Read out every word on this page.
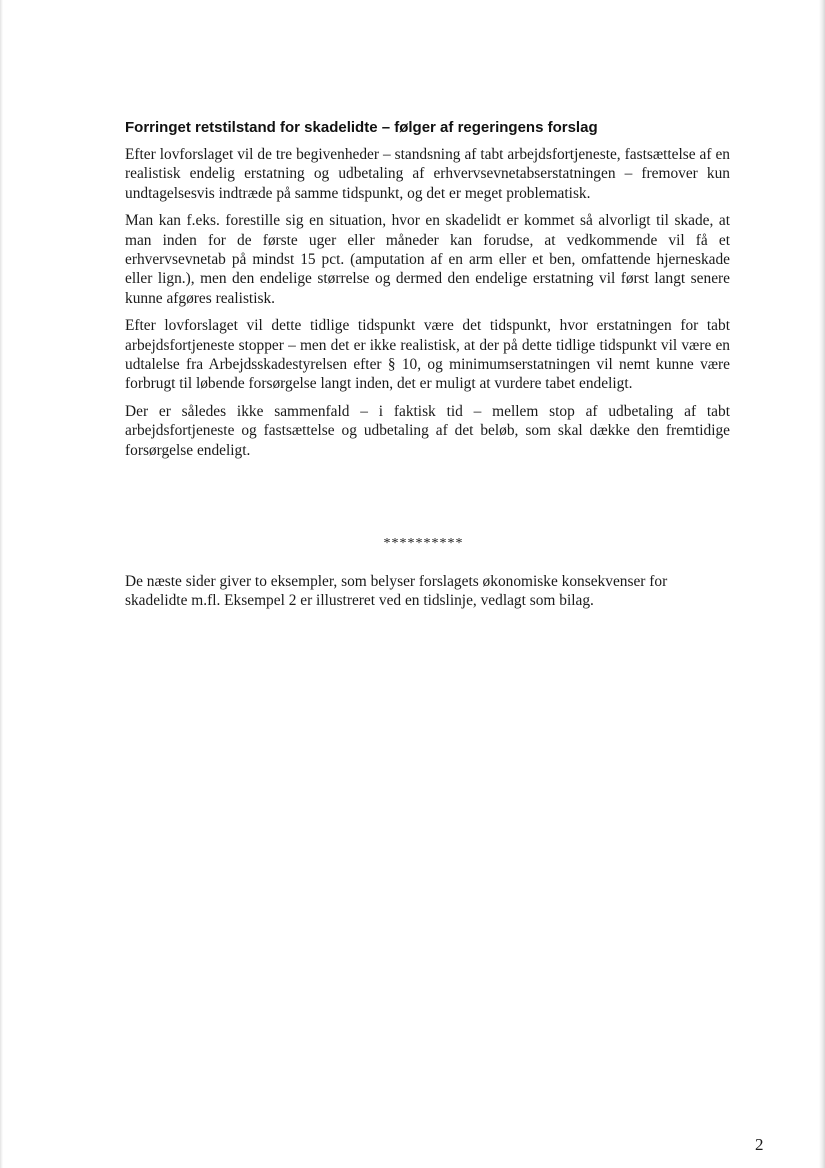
Forringet retstilstand for skadelidte – følger af regeringens forslag

Efter lovforslaget vil de tre begivenheder – standsning af tabt arbejdsfortjeneste, fastsættelse af en realistisk endelig erstatning og udbetaling af erhvervsevnetabserstatningen – fremover kun undtagelsesvis indtræde på samme tidspunkt, og det er meget problematisk.

Man kan f.eks. forestille sig en situation, hvor en skadelidt er kommet så alvorligt til skade, at man inden for de første uger eller måneder kan forudse, at vedkommende vil få et erhvervsevnetab på mindst 15 pct. (amputation af en arm eller et ben, omfattende hjerneskade eller lign.), men den endelige størrelse og dermed den endelige erstatning vil først langt senere kunne afgøres realistisk.

Efter lovforslaget vil dette tidlige tidspunkt være det tidspunkt, hvor erstatningen for tabt arbejdsfortjeneste stopper – men det er ikke realistisk, at der på dette tidlige tidspunkt vil være en udtalelse fra Arbejdsskadestyrelsen efter § 10, og minimumserstatningen vil nemt kunne være forbrugt til løbende forsørgelse langt inden, det er muligt at vurdere tabet endeligt.

Der er således ikke sammenfald – i faktisk tid – mellem stop af udbetaling af tabt arbejdsfortjeneste og fastsættelse og udbetaling af det beløb, som skal dække den fremtidige forsørgelse endeligt.

**********

De næste sider giver to eksempler, som belyser forslagets økonomiske konsekvenser for skadelidte m.fl. Eksempel 2 er illustreret ved en tidslinje, vedlagt som bilag.

2
